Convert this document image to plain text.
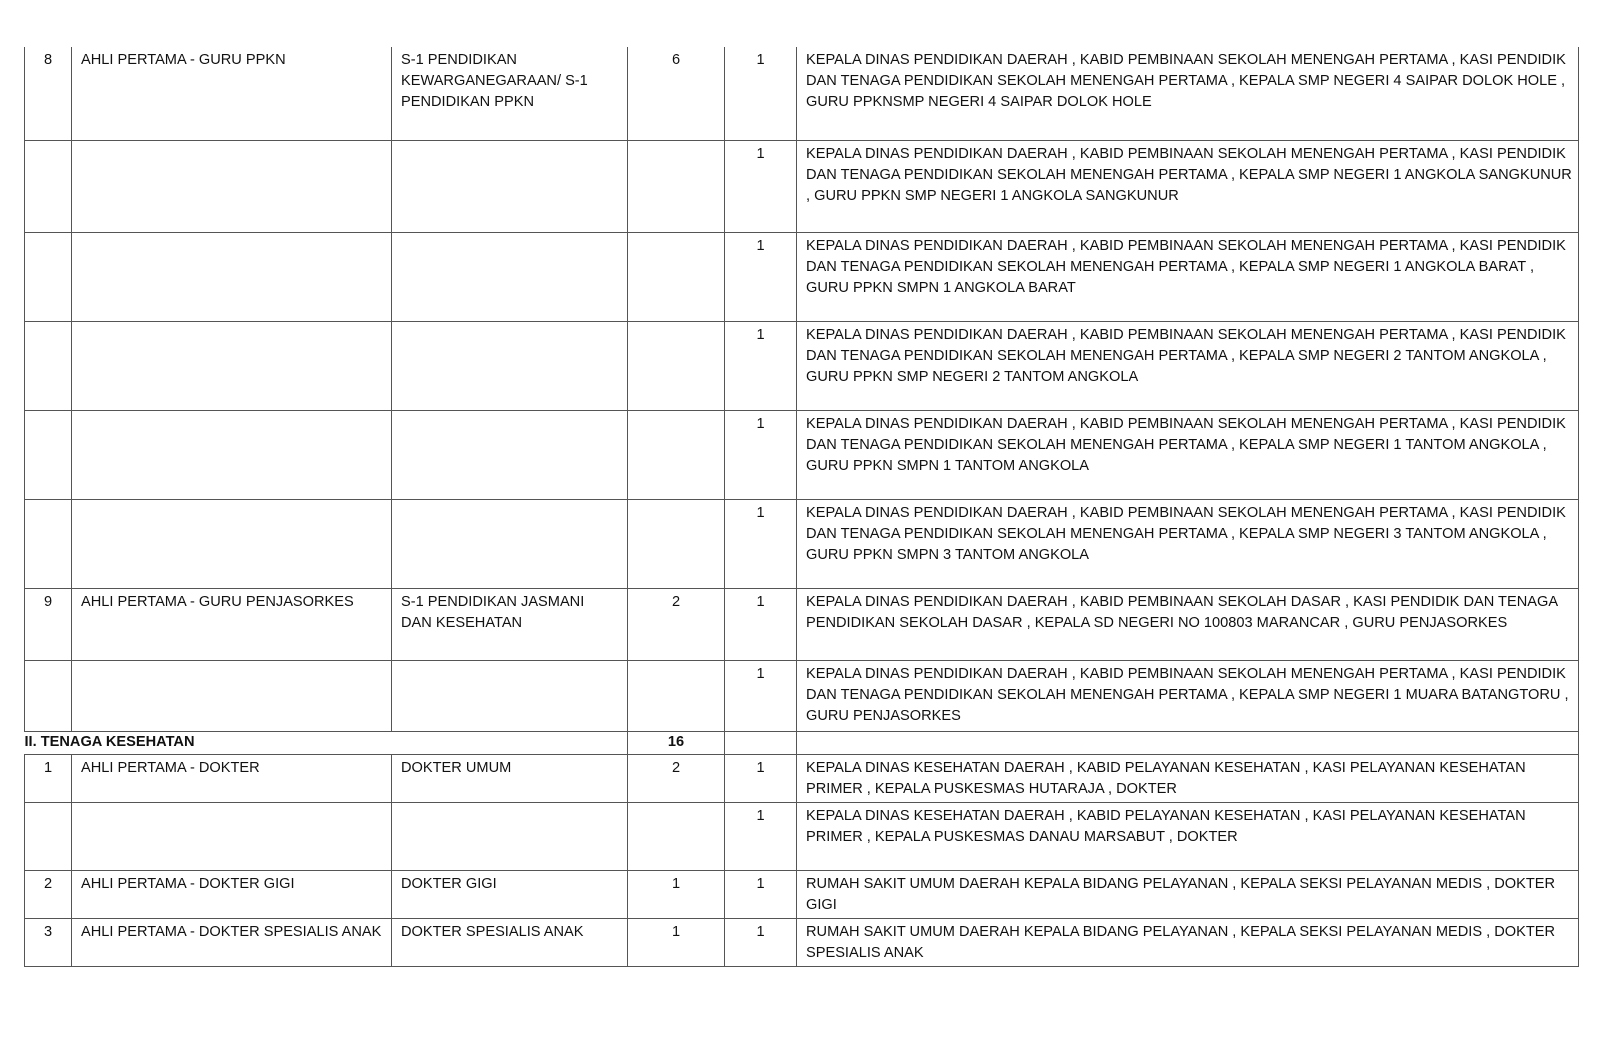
8	AHLI PERTAMA - GURU PPKN	S-1 PENDIDIKAN KEWARGANEGARAAN/ S-1 PENDIDIKAN PPKN	6	1	KEPALA DINAS PENDIDIKAN DAERAH , KABID PEMBINAAN SEKOLAH MENENGAH PERTAMA , KASI PENDIDIK DAN TENAGA PENDIDIKAN SEKOLAH MENENGAH PERTAMA , KEPALA SMP NEGERI 4 SAIPAR DOLOK HOLE , GURU PPKNSMP NEGERI 4 SAIPAR DOLOK HOLE
				1	KEPALA DINAS PENDIDIKAN DAERAH , KABID PEMBINAAN SEKOLAH MENENGAH PERTAMA , KASI PENDIDIK DAN TENAGA PENDIDIKAN SEKOLAH MENENGAH PERTAMA , KEPALA SMP NEGERI 1 ANGKOLA SANGKUNUR , GURU PPKN SMP NEGERI 1 ANGKOLA SANGKUNUR
				1	KEPALA DINAS PENDIDIKAN DAERAH , KABID PEMBINAAN SEKOLAH MENENGAH PERTAMA , KASI PENDIDIK DAN TENAGA PENDIDIKAN SEKOLAH MENENGAH PERTAMA , KEPALA SMP NEGERI 1 ANGKOLA BARAT , GURU PPKN SMPN 1 ANGKOLA BARAT
				1	KEPALA DINAS PENDIDIKAN DAERAH , KABID PEMBINAAN SEKOLAH MENENGAH PERTAMA , KASI PENDIDIK DAN TENAGA PENDIDIKAN SEKOLAH MENENGAH PERTAMA , KEPALA SMP NEGERI 2 TANTOM ANGKOLA , GURU PPKN SMP NEGERI 2 TANTOM ANGKOLA
				1	KEPALA DINAS PENDIDIKAN DAERAH , KABID PEMBINAAN SEKOLAH MENENGAH PERTAMA , KASI PENDIDIK DAN TENAGA PENDIDIKAN SEKOLAH MENENGAH PERTAMA , KEPALA SMP NEGERI 1 TANTOM ANGKOLA , GURU PPKN SMPN 1 TANTOM ANGKOLA
				1	KEPALA DINAS PENDIDIKAN DAERAH , KABID PEMBINAAN SEKOLAH MENENGAH PERTAMA , KASI PENDIDIK DAN TENAGA PENDIDIKAN SEKOLAH MENENGAH PERTAMA , KEPALA SMP NEGERI 3 TANTOM ANGKOLA , GURU PPKN SMPN 3 TANTOM ANGKOLA
9	AHLI PERTAMA - GURU PENJASORKES	S-1 PENDIDIKAN JASMANI DAN KESEHATAN	2	1	KEPALA DINAS PENDIDIKAN DAERAH , KABID PEMBINAAN SEKOLAH DASAR , KASI PENDIDIK DAN TENAGA PENDIDIKAN SEKOLAH DASAR , KEPALA SD NEGERI NO 100803 MARANCAR , GURU PENJASORKES
				1	KEPALA DINAS PENDIDIKAN DAERAH , KABID PEMBINAAN SEKOLAH MENENGAH PERTAMA , KASI PENDIDIK DAN TENAGA PENDIDIKAN SEKOLAH MENENGAH PERTAMA , KEPALA SMP NEGERI 1 MUARA BATANGTORU , GURU PENJASORKES
II. TENAGA KESEHATAN			16		
1	AHLI PERTAMA - DOKTER	DOKTER UMUM	2	1	KEPALA DINAS KESEHATAN DAERAH , KABID PELAYANAN KESEHATAN , KASI PELAYANAN KESEHATAN PRIMER , KEPALA PUSKESMAS HUTARAJA , DOKTER
				1	KEPALA DINAS KESEHATAN DAERAH , KABID PELAYANAN KESEHATAN , KASI PELAYANAN KESEHATAN PRIMER , KEPALA PUSKESMAS DANAU MARSABUT , DOKTER
2	AHLI PERTAMA - DOKTER GIGI	DOKTER GIGI	1	1	RUMAH SAKIT UMUM DAERAH KEPALA BIDANG PELAYANAN , KEPALA SEKSI PELAYANAN MEDIS , DOKTER GIGI
3	AHLI PERTAMA - DOKTER SPESIALIS ANAK	DOKTER SPESIALIS ANAK	1	1	RUMAH SAKIT UMUM DAERAH KEPALA BIDANG PELAYANAN , KEPALA SEKSI PELAYANAN MEDIS , DOKTER SPESIALIS ANAK
